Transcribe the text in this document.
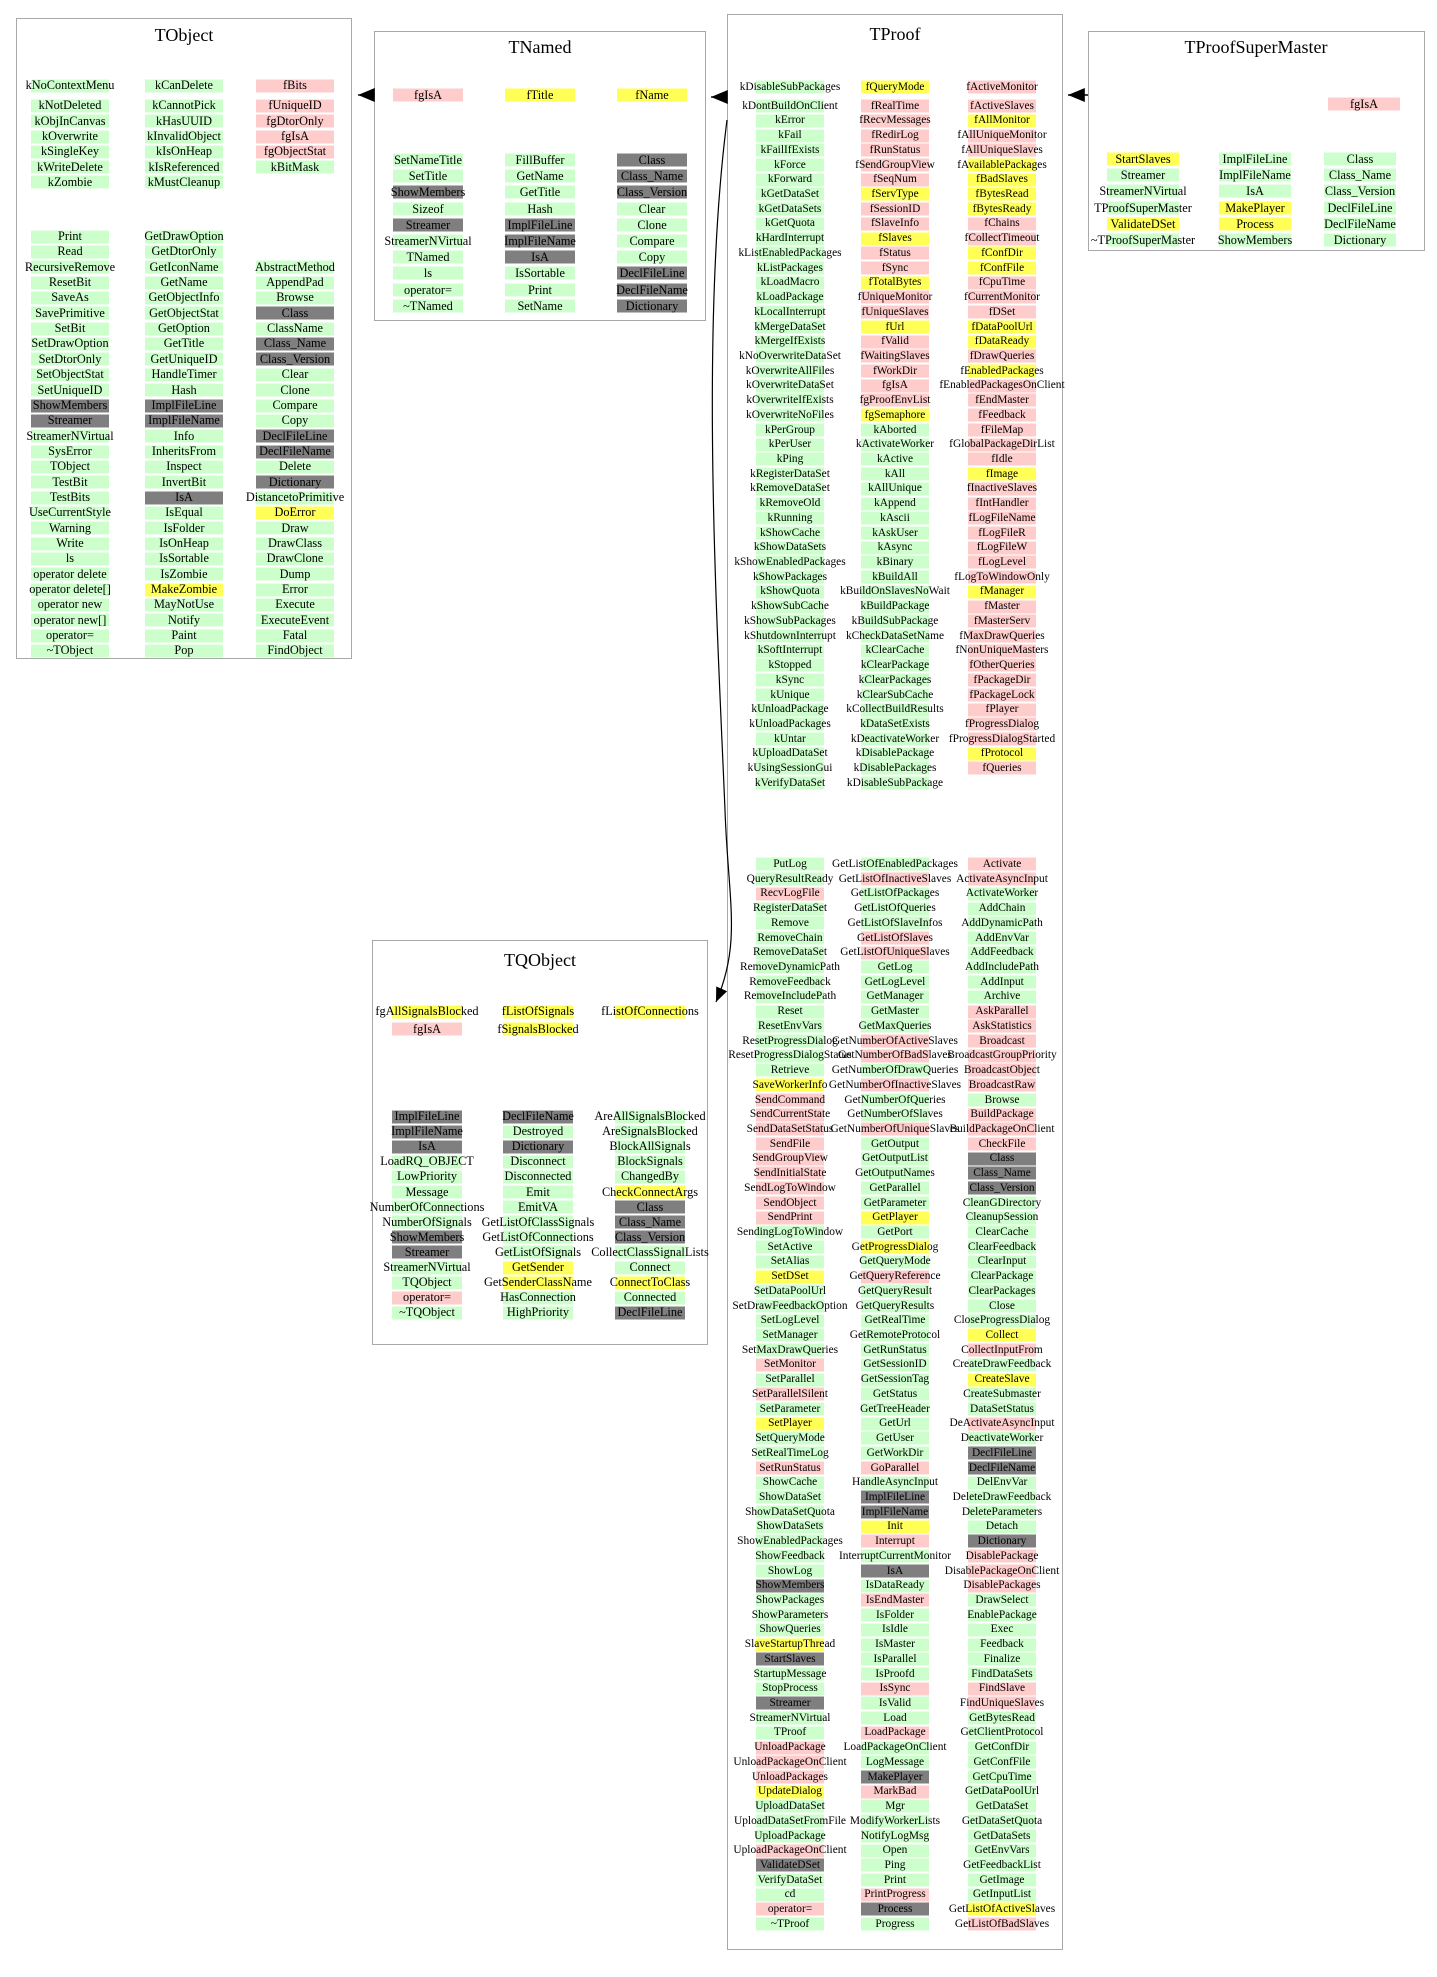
TObject
kNoContextMenu
kNotDeleted
kObjInCanvas
kOverwrite
kSingleKey
kWriteDelete
kZombie
kCanDelete
kCannotPick
kHasUUID
kInvalidObject
kIsOnHeap
kIsReferenced
kMustCleanup
fBits
fUniqueID
fgDtorOnly
fgIsA
fgObjectStat
kBitMask
Print
Read
RecursiveRemove
ResetBit
SaveAs
SavePrimitive
SetBit
SetDrawOption
SetDtorOnly
SetObjectStat
SetUniqueID
ShowMembers
Streamer
StreamerNVirtual
SysError
TObject
TestBit
TestBits
UseCurrentStyle
Warning
Write
ls
operator delete
operator delete[]
operator new
operator new[]
operator=
~TObject
GetDrawOption
GetDtorOnly
GetIconName
GetName
GetObjectInfo
GetObjectStat
GetOption
GetTitle
GetUniqueID
HandleTimer
Hash
ImplFileLine
ImplFileName
Info
InheritsFrom
Inspect
InvertBit
IsA
IsEqual
IsFolder
IsOnHeap
IsSortable
IsZombie
MakeZombie
MayNotUse
Notify
Paint
Pop
AbstractMethod
AppendPad
Browse
Class
ClassName
Class_Name
Class_Version
Clear
Clone
Compare
Copy
DeclFileLine
DeclFileName
Delete
Dictionary
DistancetoPrimitive
DoError
Draw
DrawClass
DrawClone
Dump
Error
Execute
ExecuteEvent
Fatal
FindObject
TNamed
fgIsA	fTitle	fName
SetNameTitle
SetTitle
ShowMembers
Sizeof
Streamer
StreamerNVirtual
TNamed
ls
operator=
~TNamed
FillBuffer
GetName
GetTitle
Hash
ImplFileLine
ImplFileName
IsA
IsSortable
Print
SetName
Class
Class_Name
Class_Version
Clear
Clone
Compare
Copy
DeclFileLine
DeclFileName
Dictionary
TProof
kDisableSubPackages
kDontBuildOnClient
kError
kFail
kFailIfExists
kForce
kForward
kGetDataSet
kGetDataSets
kGetQuota
kHardInterrupt
kListEnabledPackages
kListPackages
kLoadMacro
kLoadPackage
kLocalInterrupt
kMergeDataSet
kMergeIfExists
kNoOverwriteDataSet
kOverwriteAllFiles
kOverwriteDataSet
kOverwriteIfExists
kOverwriteNoFiles
kPerGroup
kPerUser
kPing
kRegisterDataSet
kRemoveDataSet
kRemoveOld
kRunning
kShowCache
kShowDataSets
kShowEnabledPackages
kShowPackages
kShowQuota
kShowSubCache
kShowSubPackages
kShutdownInterrupt
kSoftInterrupt
kStopped
kSync
kUnique
kUnloadPackage
kUnloadPackages
kUntar
kUploadDataSet
kUsingSessionGui
kVerifyDataSet
fQueryMode
fRealTime
fRecvMessages
fRedirLog
fRunStatus
fSendGroupView
fSeqNum
fServType
fSessionID
fSlaveInfo
fSlaves
fStatus
fSync
fTotalBytes
fUniqueMonitor
fUniqueSlaves
fUrl
fValid
fWaitingSlaves
fWorkDir
fgIsA
fgProofEnvList
fgSemaphore
kAborted
kActivateWorker
kActive
kAll
kAllUnique
kAppend
kAscii
kAskUser
kAsync
kBinary
kBuildAll
kBuildOnSlavesNoWait
kBuildPackage
kBuildSubPackage
kCheckDataSetName
kClearCache
kClearPackage
kClearPackages
kClearSubCache
kCollectBuildResults
kDataSetExists
kDeactivateWorker
kDisablePackage
kDisablePackages
kDisableSubPackage
fActiveMonitor
fActiveSlaves
fAllMonitor
fAllUniqueMonitor
fAllUniqueSlaves
fAvailablePackages
fBadSlaves
fBytesRead
fBytesReady
fChains
fCollectTimeout
fConfDir
fConfFile
fCpuTime
fCurrentMonitor
fDSet
fDataPoolUrl
fDataReady
fDrawQueries
fEnabledPackages
fEnabledPackagesOnClient
fEndMaster
fFeedback
fFileMap
fGlobalPackageDirList
fIdle
fImage
fInactiveSlaves
fIntHandler
fLogFileName
fLogFileR
fLogFileW
fLogLevel
fLogToWindowOnly
fManager
fMaster
fMasterServ
fMaxDrawQueries
fNonUniqueMasters
fOtherQueries
fPackageDir
fPackageLock
fPlayer
fProgressDialog
fProgressDialogStarted
fProtocol
fQueries
PutLog
QueryResultReady
RecvLogFile
RegisterDataSet
Remove
RemoveChain
RemoveDataSet
RemoveDynamicPath
RemoveFeedback
RemoveIncludePath
Reset
ResetEnvVars
ResetProgressDialog
ResetProgressDialogStatus
Retrieve
SaveWorkerInfo
SendCommand
SendCurrentState
SendDataSetStatus
SendFile
SendGroupView
SendInitialState
SendLogToWindow
SendObject
SendPrint
SendingLogToWindow
SetActive
SetAlias
SetDSet
SetDataPoolUrl
SetDrawFeedbackOption
SetLogLevel
SetManager
SetMaxDrawQueries
SetMonitor
SetParallel
SetParallelSilent
SetParameter
SetPlayer
SetQueryMode
SetRealTimeLog
SetRunStatus
ShowCache
ShowDataSet
ShowDataSetQuota
ShowDataSets
ShowEnabledPackages
ShowFeedback
ShowLog
ShowMembers
ShowPackages
ShowParameters
ShowQueries
SlaveStartupThread
StartSlaves
StartupMessage
StopProcess
Streamer
StreamerNVirtual
TProof
UnloadPackage
UnloadPackageOnClient
UnloadPackages
UpdateDialog
UploadDataSet
UploadDataSetFromFile
UploadPackage
UploadPackageOnClient
ValidateDSet
VerifyDataSet
cd
operator=
~TProof
GetListOfEnabledPackages
GetListOfInactiveSlaves
GetListOfPackages
GetListOfQueries
GetListOfSlaveInfos
GetListOfSlaves
GetListOfUniqueSlaves
GetLog
GetLogLevel
GetManager
GetMaster
GetMaxQueries
GetNumberOfActiveSlaves
GetNumberOfBadSlaves
GetNumberOfDrawQueries
GetNumberOfInactiveSlaves
GetNumberOfQueries
GetNumberOfSlaves
GetNumberOfUniqueSlaves
GetOutput
GetOutputList
GetOutputNames
GetParallel
GetParameter
GetPlayer
GetPort
GetProgressDialog
GetQueryMode
GetQueryReference
GetQueryResult
GetQueryResults
GetRealTime
GetRemoteProtocol
GetRunStatus
GetSessionID
GetSessionTag
GetStatus
GetTreeHeader
GetUrl
GetUser
GetWorkDir
GoParallel
HandleAsyncInput
ImplFileLine
ImplFileName
Init
Interrupt
InterruptCurrentMonitor
IsA
IsDataReady
IsEndMaster
IsFolder
IsIdle
IsMaster
IsParallel
IsProofd
IsSync
IsValid
Load
LoadPackage
LoadPackageOnClient
LogMessage
MakePlayer
MarkBad
Mgr
ModifyWorkerLists
NotifyLogMsg
Open
Ping
Print
PrintProgress
Process
Progress
Activate
ActivateAsyncInput
ActivateWorker
AddChain
AddDynamicPath
AddEnvVar
AddFeedback
AddIncludePath
AddInput
Archive
AskParallel
AskStatistics
Broadcast
BroadcastGroupPriority
BroadcastObject
BroadcastRaw
Browse
BuildPackage
BuildPackageOnClient
CheckFile
Class
Class_Name
Class_Version
CleanGDirectory
CleanupSession
ClearCache
ClearFeedback
ClearInput
ClearPackage
ClearPackages
Close
CloseProgressDialog
Collect
CollectInputFrom
CreateDrawFeedback
CreateSlave
CreateSubmaster
DataSetStatus
DeActivateAsyncInput
DeactivateWorker
DeclFileLine
DeclFileName
DelEnvVar
DeleteDrawFeedback
DeleteParameters
Detach
Dictionary
DisablePackage
DisablePackageOnClient
DisablePackages
DrawSelect
EnablePackage
Exec
Feedback
Finalize
FindDataSets
FindSlave
FindUniqueSlaves
GetBytesRead
GetClientProtocol
GetConfDir
GetConfFile
GetCpuTime
GetDataPoolUrl
GetDataSet
GetDataSetQuota
GetDataSets
GetEnvVars
GetFeedbackList
GetImage
GetInputList
GetListOfActiveSlaves
GetListOfBadSlaves
TProofSuperMaster
fgIsA
StartSlaves
Streamer
StreamerNVirtual
TProofSuperMaster
ValidateDSet
~TProofSuperMaster
ImplFileLine
ImplFileName
IsA
MakePlayer
Process
ShowMembers
Class
Class_Name
Class_Version
DeclFileLine
DeclFileName
Dictionary
TQObject
fgAllSignalsBlocked
fgIsA
fListOfSignals
fSignalsBlocked
fListOfConnections
ImplFileLine
ImplFileName
IsA
LoadRQ_OBJECT
LowPriority
Message
NumberOfConnections
NumberOfSignals
ShowMembers
Streamer
StreamerNVirtual
TQObject
operator=
~TQObject
DeclFileName
Destroyed
Dictionary
Disconnect
Disconnected
Emit
EmitVA
GetListOfClassSignals
GetListOfConnections
GetListOfSignals
GetSender
GetSenderClassName
HasConnection
HighPriority
AreAllSignalsBlocked
AreSignalsBlocked
BlockAllSignals
BlockSignals
ChangedBy
CheckConnectArgs
Class
Class_Name
Class_Version
CollectClassSignalLists
Connect
ConnectToClass
Connected
DeclFileLine
